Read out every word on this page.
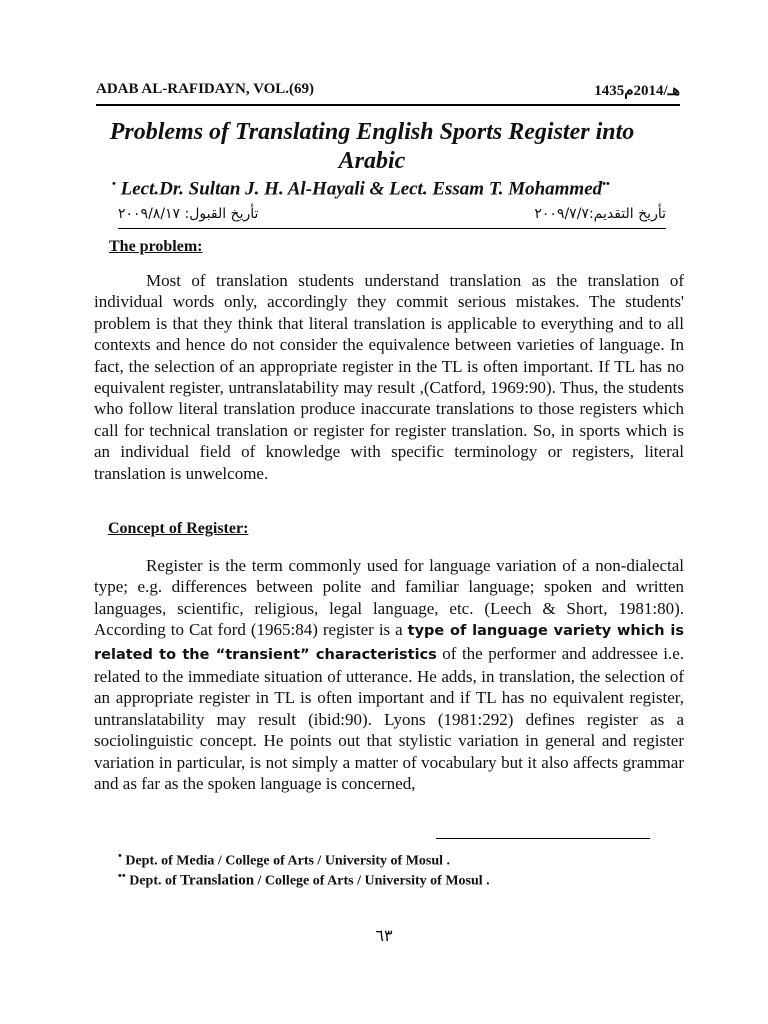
ADAB AL-RAFIDAYN, VOL.(69)	1435هـ/2014م
Problems of Translating English Sports Register into Arabic
• Lect.Dr. Sultan J. H. Al-Hayali & Lect. Essam T. Mohammed••
تأريخ التقديم:٢٠٠٩/٧/٧
تأريخ القبول: ٢٠٠٩/٨/١٧
The problem:
Most of translation students understand translation as the translation of individual words only, accordingly they commit serious mistakes. The students' problem is that they think that literal translation is applicable to everything and to all contexts and hence do not consider the equivalence between varieties of language. In fact, the selection of an appropriate register in the TL is often important. If TL has no equivalent register, untranslatability may result ,(Catford, 1969:90). Thus, the students who follow literal translation produce inaccurate translations to those registers which call for technical translation or register for register translation. So, in sports which is an individual field of knowledge with specific terminology or registers, literal translation is unwelcome.
Concept of Register:
Register is the term commonly used for language variation of a non-dialectal type; e.g. differences between polite and familiar language; spoken and written languages, scientific, religious, legal language, etc. (Leech & Short, 1981:80). According to Cat ford (1965:84) register is a type of language variety which is related to the “transient” characteristics of the performer and addressee i.e. related to the immediate situation of utterance. He adds, in translation, the selection of an appropriate register in TL is often important and if TL has no equivalent register, untranslatability may result (ibid:90). Lyons (1981:292) defines register as a sociolinguistic concept. He points out that stylistic variation in general and register variation in particular, is not simply a matter of vocabulary but it also affects grammar and as far as the spoken language is concerned,
• Dept. of Media / College of Arts / University of Mosul .
•• Dept. of Translation / College of Arts / University of Mosul .
٦٣
